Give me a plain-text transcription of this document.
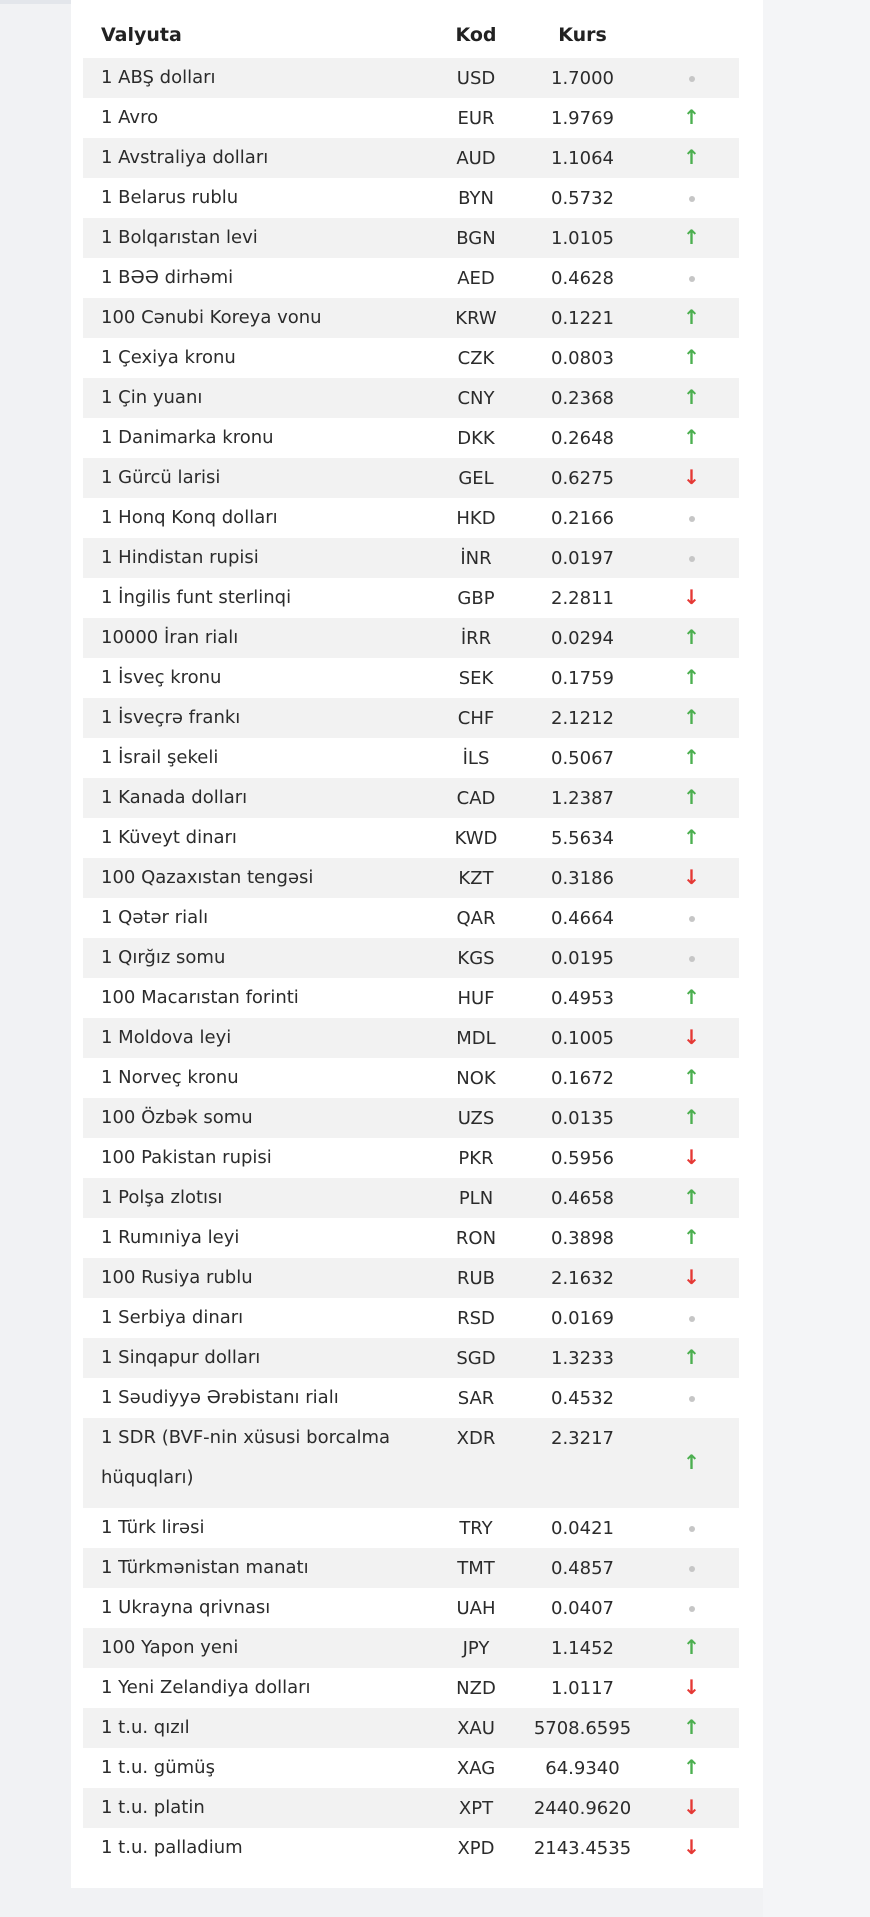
Valyuta	Kod	Kurs	
1 ABŞ dolları	USD	1.7000	
1 Avro	EUR	1.9769	↑
1 Avstraliya dolları	AUD	1.1064	↑
1 Belarus rublu	BYN	0.5732	
1 Bolqarıstan levi	BGN	1.0105	↑
1 BƏƏ dirhəmi	AED	0.4628	
100 Cənubi Koreya vonu	KRW	0.1221	↑
1 Çexiya kronu	CZK	0.0803	↑
1 Çin yuanı	CNY	0.2368	↑
1 Danimarka kronu	DKK	0.2648	↑
1 Gürcü larisi	GEL	0.6275	↓
1 Honq Konq dolları	HKD	0.2166	
1 Hindistan rupisi	İNR	0.0197	
1 İngilis funt sterlinqi	GBP	2.2811	↓
10000 İran rialı	İRR	0.0294	↑
1 İsveç kronu	SEK	0.1759	↑
1 İsveçrə frankı	CHF	2.1212	↑
1 İsrail şekeli	İLS	0.5067	↑
1 Kanada dolları	CAD	1.2387	↑
1 Küveyt dinarı	KWD	5.5634	↑
100 Qazaxıstan tengəsi	KZT	0.3186	↓
1 Qətər rialı	QAR	0.4664	
1 Qırğız somu	KGS	0.0195	
100 Macarıstan forinti	HUF	0.4953	↑
1 Moldova leyi	MDL	0.1005	↓
1 Norveç kronu	NOK	0.1672	↑
100 Özbək somu	UZS	0.0135	↑
100 Pakistan rupisi	PKR	0.5956	↓
1 Polşa zlotısı	PLN	0.4658	↑
1 Rumıniya leyi	RON	0.3898	↑
100 Rusiya rublu	RUB	2.1632	↓
1 Serbiya dinarı	RSD	0.0169	
1 Sinqapur dolları	SGD	1.3233	↑
1 Səudiyyə Ərəbistanı rialı	SAR	0.4532	
1 SDR (BVF-nin xüsusi borcalma hüquqları)	XDR	2.3217	↑
1 Türk lirəsi	TRY	0.0421	
1 Türkmənistan manatı	TMT	0.4857	
1 Ukrayna qrivnası	UAH	0.0407	
100 Yapon yeni	JPY	1.1452	↑
1 Yeni Zelandiya dolları	NZD	1.0117	↓
1 t.u. qızıl	XAU	5708.6595	↑
1 t.u. gümüş	XAG	64.9340	↑
1 t.u. platin	XPT	2440.9620	↓
1 t.u. palladium	XPD	2143.4535	↓
